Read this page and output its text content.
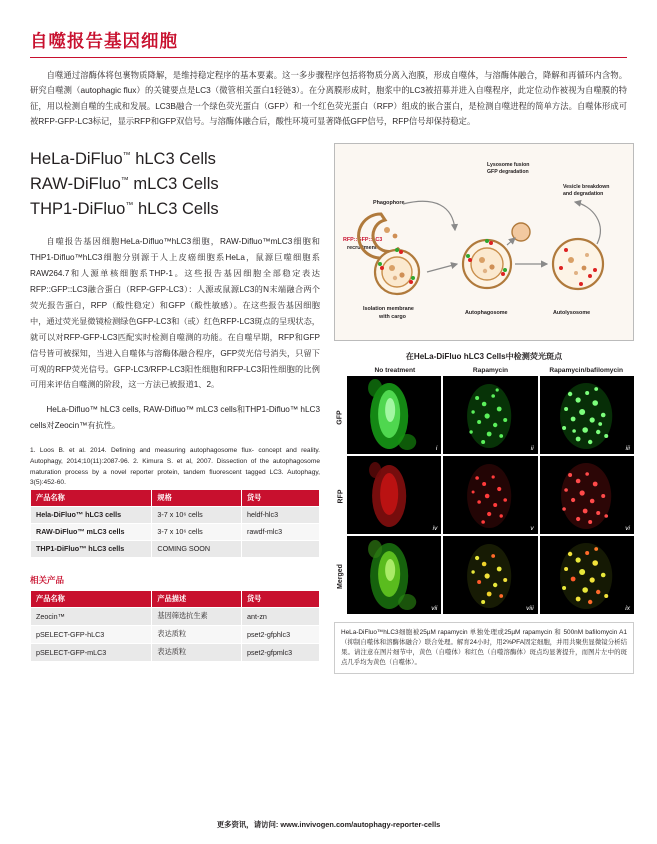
自噬报告基因细胞

自噬通过溶酶体将包裹物质降解，是维持稳定程序的基本要素。这一多步骤程序包括将物质分离入泡膜，形成自噬体，与溶酶体融合，降解和再循环内含物。研究自噬测（autophagic flux）的关键要点是LC3（微管相关蛋白1轻链3）。在分离膜形成时，胞浆中的LC3被招募并进入自噬程序，此定位动作被视为自噬膜的特征，用以检测自噬的生成和发展。LC3B融合一个绿色荧光蛋白（GFP）和一个红色荧光蛋白（RFP）组成的嵌合蛋白，是检测自噬进程的简单方法。自噬体形成可被RFP-GFP-LC3标记，显示RFP和GFP双信号。与溶酶体融合后，酸性环境可显著降低GFP信号，RFP信号却保持稳定。

HeLa-DiFluo™ hLC3 Cells
RAW-DiFluo™ mLC3 Cells
THP1-DiFluo™ hLC3 Cells

自噬报告基因细胞HeLa-Difluo™hLC3细胞，RAW-Difluo™mLC3细胞和THP1-Difluo™hLC3细胞分别源于人上皮癌细胞系HeLa，鼠源巨噬细胞系RAW264.7和人源单核细胞系THP-1。这些报告基因细胞全部稳定表达RFP::GFP::LC3融合蛋白（RFP-GFP-LC3）：人源或鼠源LC3的N末端融合两个荧光报告蛋白，RFP（酸性稳定）和GFP（酸性敏感）。在这些报告基因细胞中，通过荧光显微镜检测绿色GFP-LC3和（或）红色RFP-LC3斑点的呈现状态，就可以对RFP-GFP-LC3匹配实时检测自噬测的功能。在自噬早期，RFP和GFP信号皆可被探知，当进入自噬体与溶酶体融合程序，GFP荧光信号消失，只留下可观的RFP荧光信号。GFP-LC3/RFP-LC3阳性细胞和RFP-LC3阳性细胞的比例可用来评估自噬测的阶段，这一方法已被报道1、2。

HeLa-Difluo™ hLC3 cells, RAW-Difluo™ mLC3 cells和THP1-Difluo™ hLC3 cells对Zeocin™有抗性。

1. Loos B. et al. 2014. Defining and measuring autophagosome flux- concept and reality. Autophagy, 2014;10(11):2087-96. 2. Kimura S. et al, 2007. Dissection of the autophagosome maturation process by a novel reporter protein, tandem fluorescent tagged LC3. Autophagy, 3(5):452-60.
产品名称	规格	货号
Hela-DiFluo™ hLC3 cells	3-7 x 10⁶ cells	heldf-hlc3
RAW-DiFluo™ mLC3 cells	3-7 x 10⁶ cells	rawdf-mlc3
THP1-DiFluo™ hLC3 cells	COMING SOON	
相关产品
产品名称	产品描述	货号
Zeocin™	基因筛选抗生素	ant-zn
pSELECT-GFP-hLC3	表达质粒	pset2-gfphlc3
pSELECT-GFP-mLC3	表达质粒	pset2-gfpmlc3
Lysosome fusion
GFP degradation
Vesicle breakdown
and degradation
Phagophore
RFP::GFP::LC3
recruitment
Isolation membrane
with cargo
Autophagosome	Autolysosome
在HeLa-DiFluo hLC3 Cells中检测荧光斑点
GFP
RFP
Merged
No treatment	Rapamycin	Rapamycin/bafilomycin
i	ii	iii
iv	v	vi
vii	viii	ix
HeLa-DiFluo™hLC3细胞被25µM rapamycin 单独处理或25µM rapamycin 和 500nM bafilomycin A1（抑制自噬体和溶酶体融合）联合处理。解育24小时，用2%PFA固定细胞，并用共聚焦显微镜分析结果。请注意在图片细节中，黄色（自噬体）和红色（自噬溶酶体）斑点均显著提升，而图片左中的斑点几乎均为黄色（自噬体）。
更多资讯，请访问: www.invivogen.com/autophagy-reporter-cells
